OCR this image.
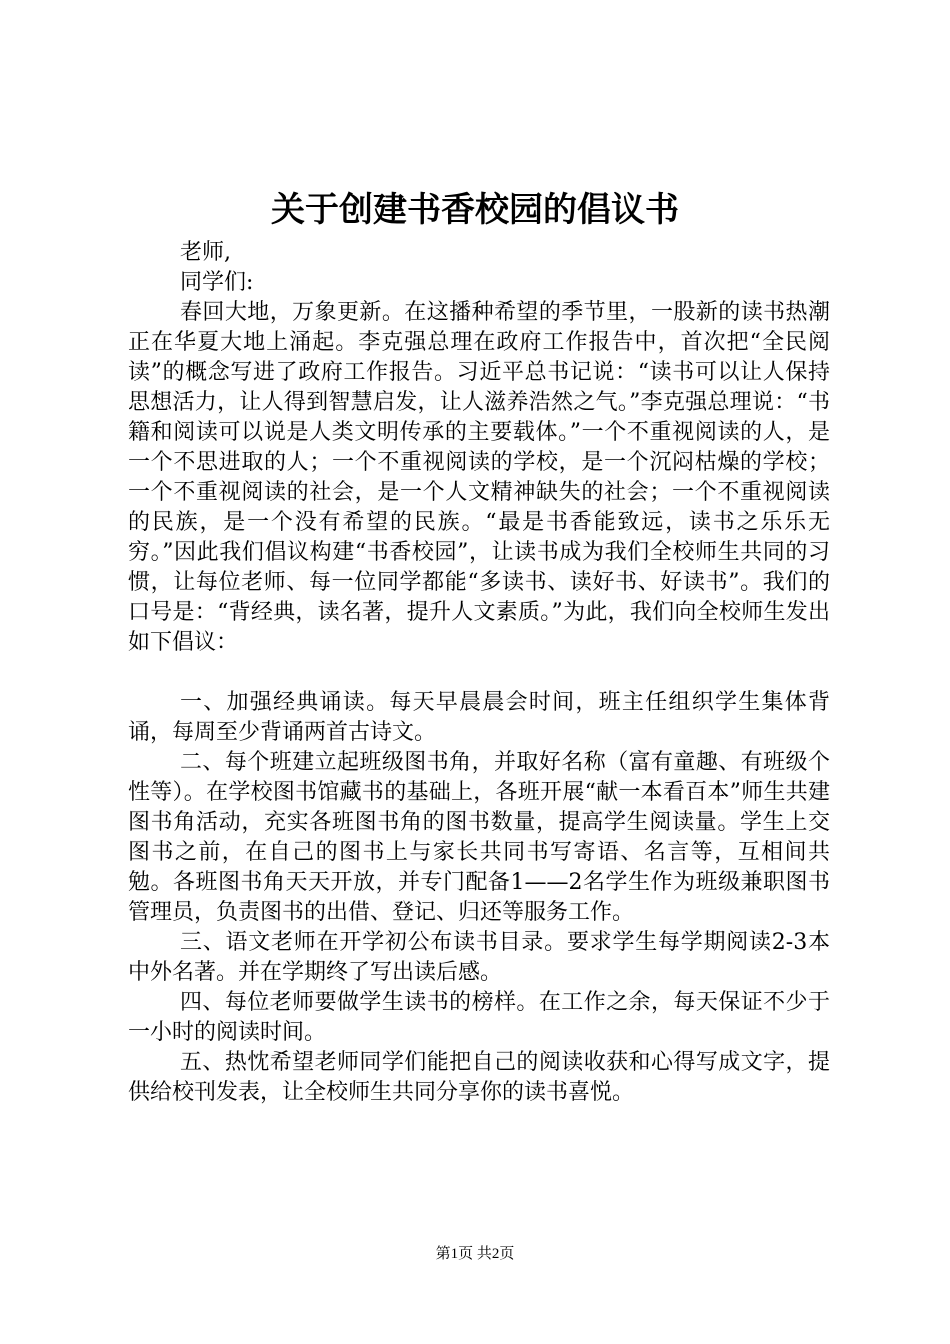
关于创建书香校园的倡议书

老师,

同学们:

春回大地，万象更新。在这播种希望的季节里，一股新的读书热潮正在华夏大地上涌起。李克强总理在政府工作报告中，首次把“全民阅读”的概念写进了政府工作报告。习近平总书记说：“读书可以让人保持思想活力，让人得到智慧启发，让人滋养浩然之气。”李克强总理说：“书籍和阅读可以说是人类文明传承的主要载体。”一个不重视阅读的人，是一个不思进取的人；一个不重视阅读的学校，是一个沉闷枯燥的学校；一个不重视阅读的社会，是一个人文精神缺失的社会；一个不重视阅读的民族，是一个没有希望的民族。“最是书香能致远，读书之乐乐无穷。”因此我们倡议构建“书香校园”，让读书成为我们全校师生共同的习惯，让每位老师、每一位同学都能“多读书、读好书、好读书”。我们的口号是：“背经典，读名著，提升人文素质。”为此，我们向全校师生发出如下倡议：

一、加强经典诵读。每天早晨晨会时间，班主任组织学生集体背诵，每周至少背诵两首古诗文。

二、每个班建立起班级图书角，并取好名称（富有童趣、有班级个性等）。在学校图书馆藏书的基础上，各班开展“献一本看百本”师生共建图书角活动，充实各班图书角的图书数量，提高学生阅读量。学生上交图书之前，在自己的图书上与家长共同书写寄语、名言等，互相间共勉。各班图书角天天开放，并专门配备1——2名学生作为班级兼职图书管理员，负责图书的出借、登记、归还等服务工作。

三、语文老师在开学初公布读书目录。要求学生每学期阅读2-3本中外名著。并在学期终了写出读后感。

四、每位老师要做学生读书的榜样。在工作之余，每天保证不少于一小时的阅读时间。

五、热忱希望老师同学们能把自己的阅读收获和心得写成文字，提供给校刊发表，让全校师生共同分享你的读书喜悦。

第1页 共2页
